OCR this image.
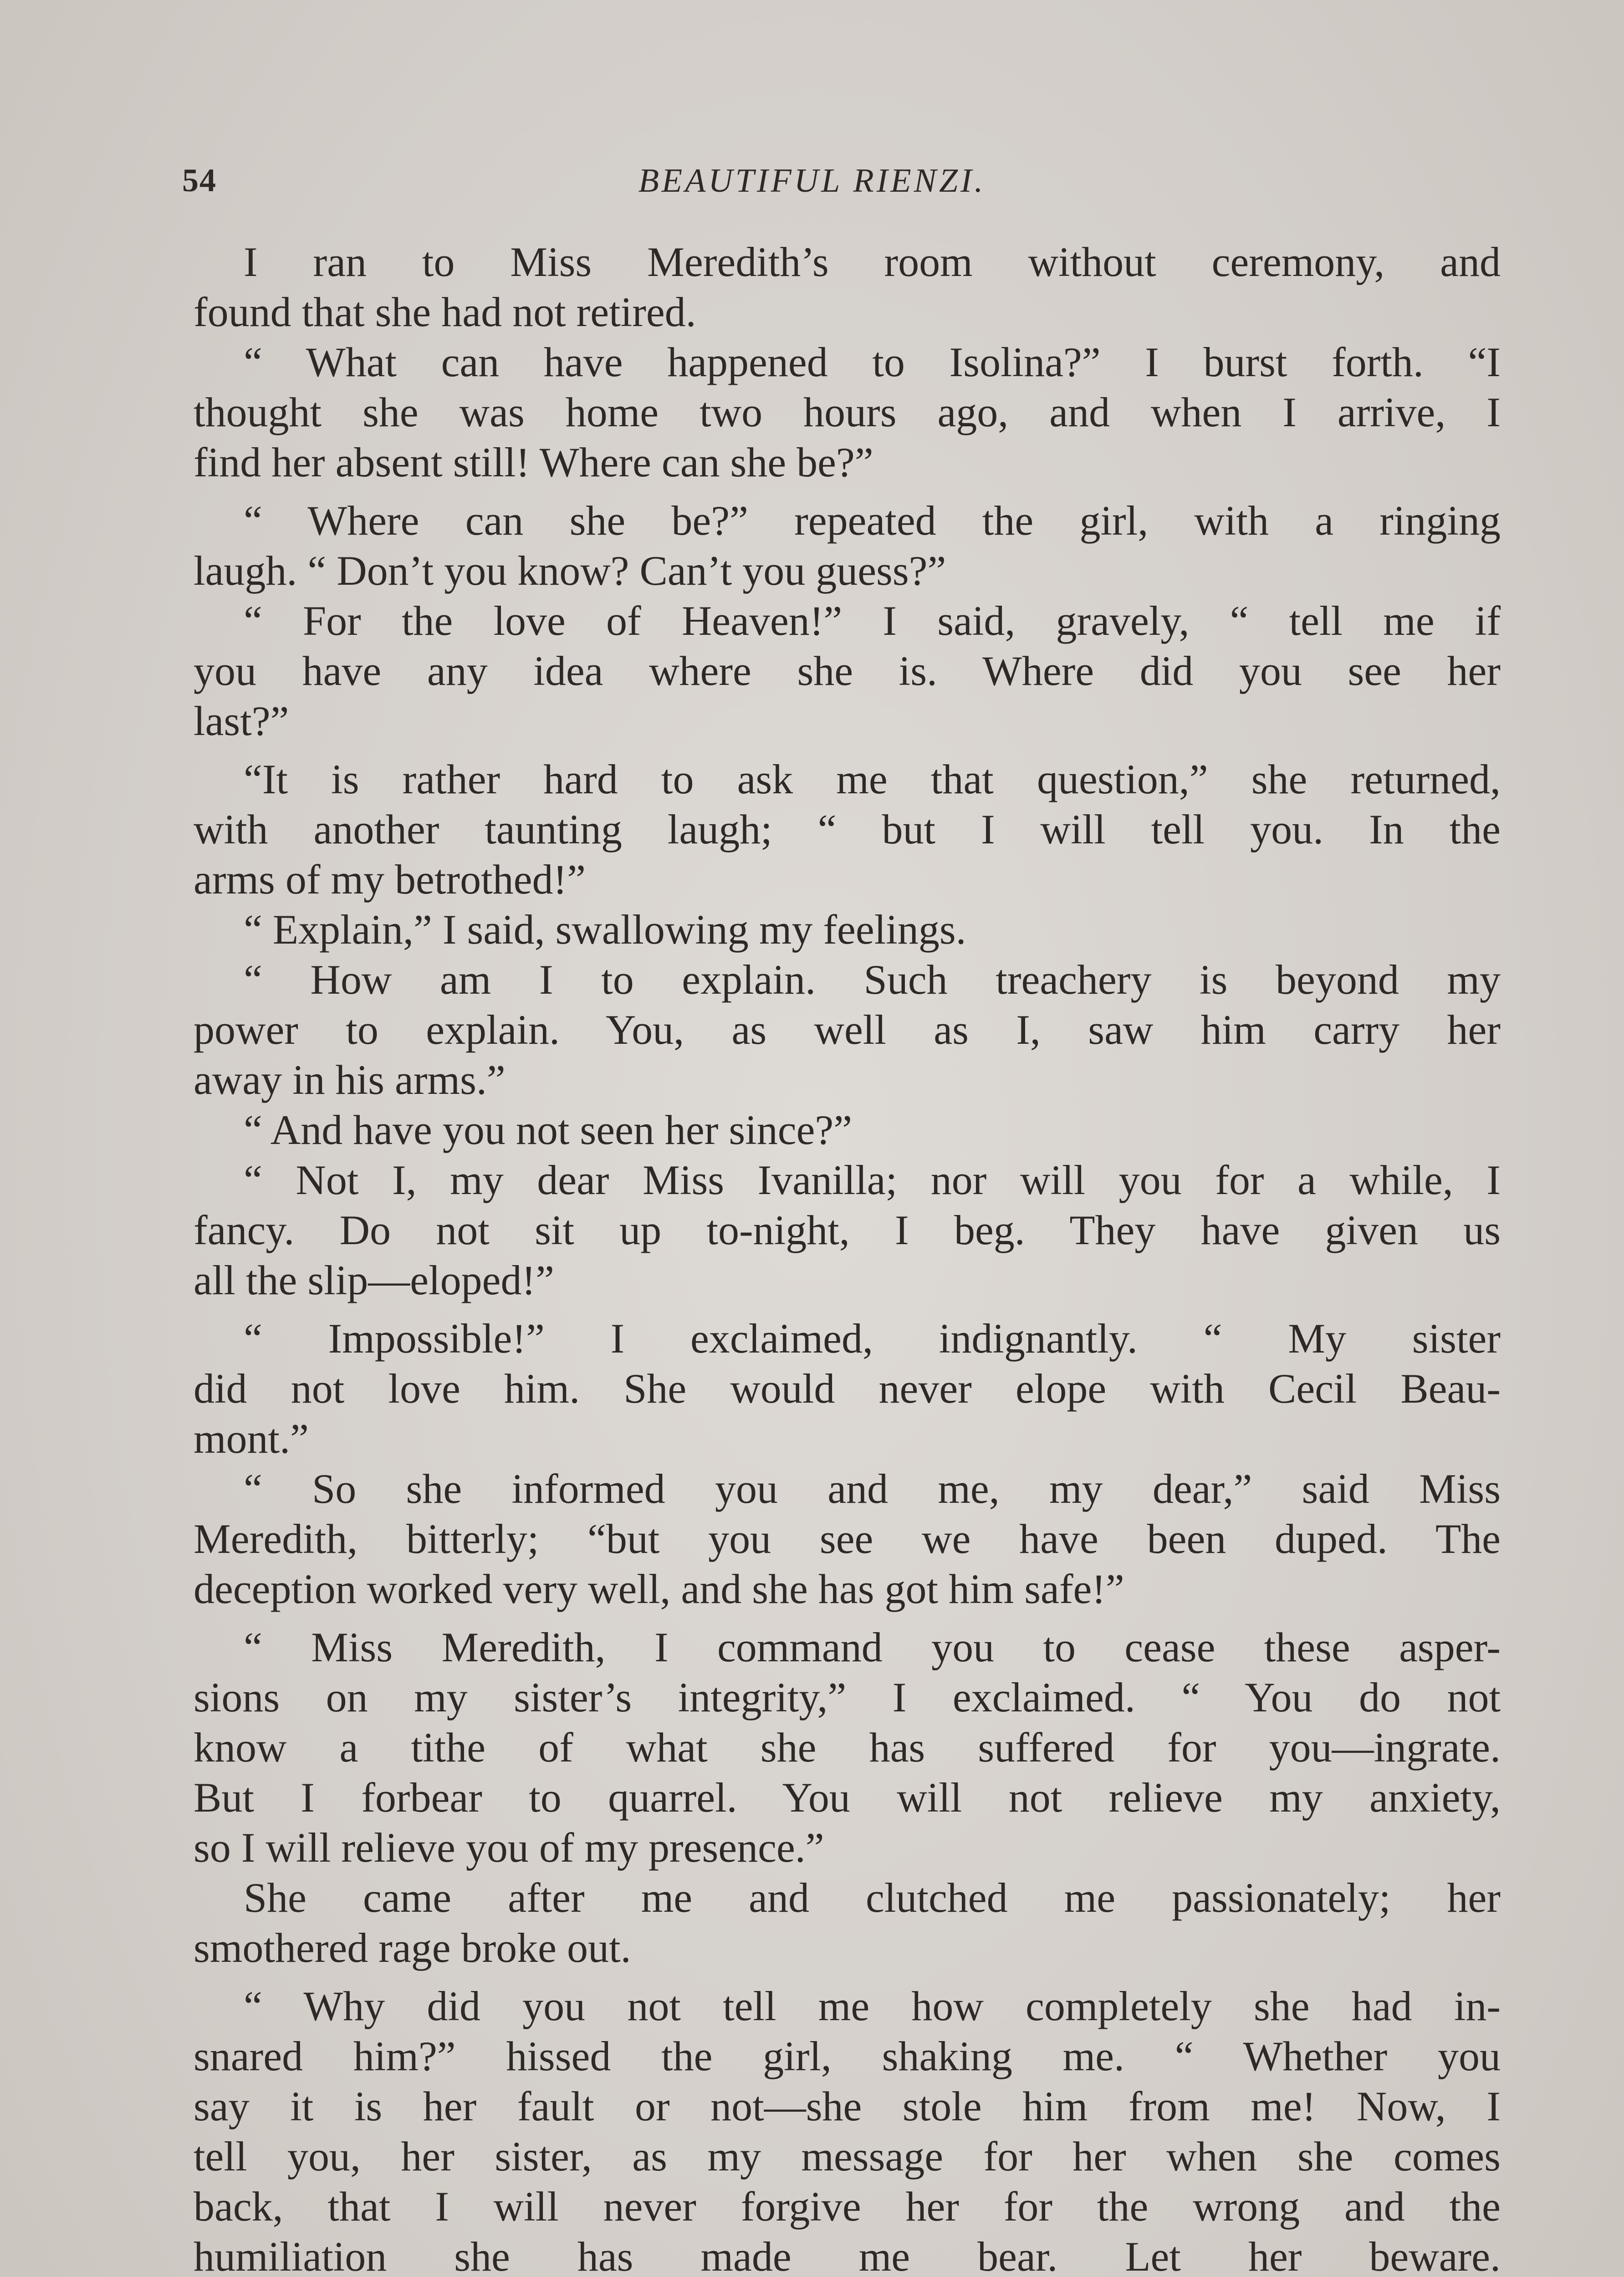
54	BEAUTIFUL RIENZI.
I ran to Miss Meredith’s room without ceremony, and
found that she had not retired.
“ What can have happened to Isolina?” I burst forth. “I
thought she was home two hours ago, and when I arrive, I
find her absent still! Where can she be?”
“ Where can she be?” repeated the girl, with a ringing
laugh. “ Don’t you know? Can’t you guess?”
“ For the love of Heaven!” I said, gravely, “ tell me if
you have any idea where she is. Where did you see her
last?”
“It is rather hard to ask me that question,” she returned,
with another taunting laugh; “ but I will tell you. In the
arms of my betrothed!”
“ Explain,” I said, swallowing my feelings.
“ How am I to explain. Such treachery is beyond my
power to explain. You, as well as I, saw him carry her
away in his arms.”
“ And have you not seen her since?”
“ Not I, my dear Miss Ivanilla; nor will you for a while, I
fancy. Do not sit up to-night, I beg. They have given us
all the slip—eloped!”
“ Impossible!” I exclaimed, indignantly. “ My sister
did not love him. She would never elope with Cecil Beau-
mont.”
“ So she informed you and me, my dear,” said Miss
Meredith, bitterly; “but you see we have been duped. The
deception worked very well, and she has got him safe!”
“ Miss Meredith, I command you to cease these asper-
sions on my sister’s integrity,” I exclaimed. “ You do not
know a tithe of what she has suffered for you—ingrate.
But I forbear to quarrel. You will not relieve my anxiety,
so I will relieve you of my presence.”
She came after me and clutched me passionately; her
smothered rage broke out.
“ Why did you not tell me how completely she had in-
snared him?” hissed the girl, shaking me. “ Whether you
say it is her fault or not—she stole him from me! Now, I
tell you, her sister, as my message for her when she comes
back, that I will never forgive her for the wrong and the
humiliation she has made me bear. Let her beware.
